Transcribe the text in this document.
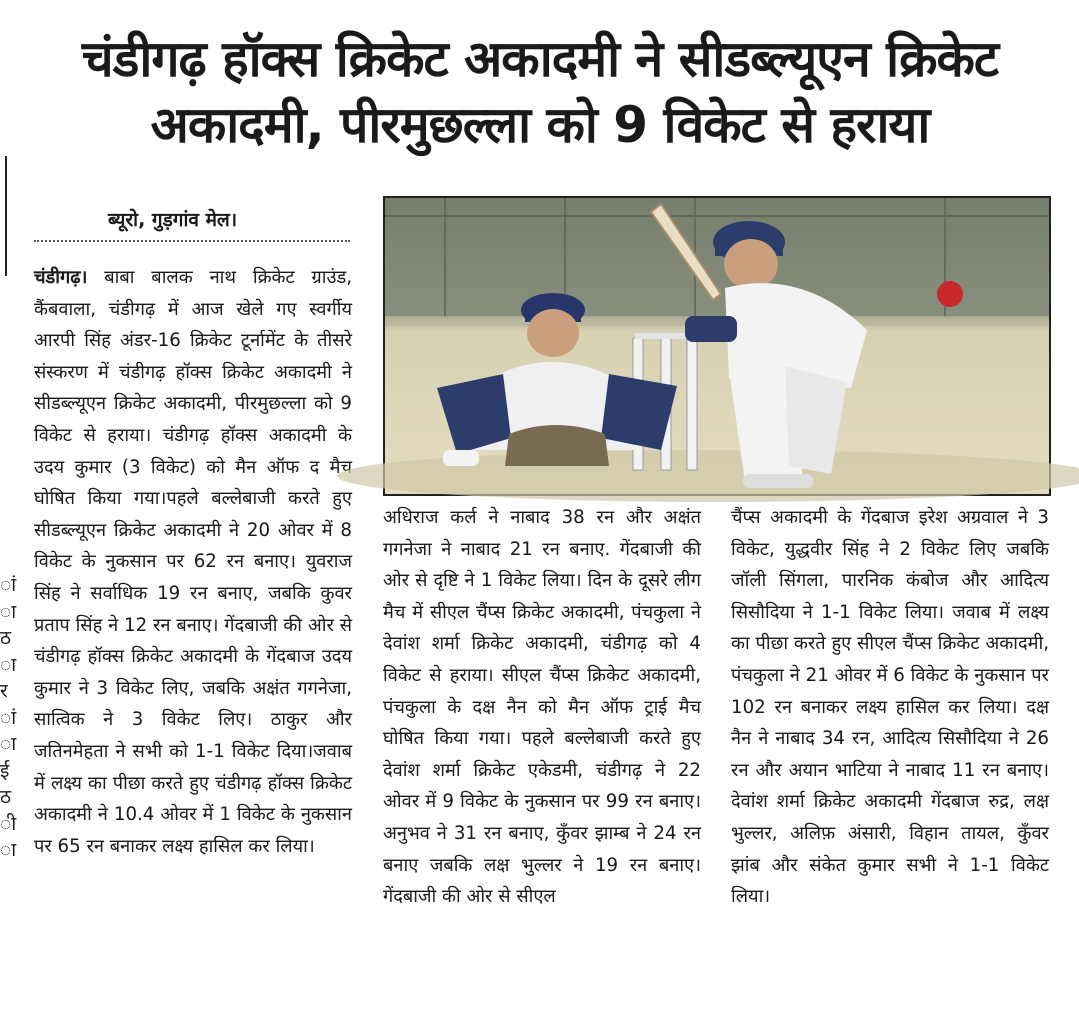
चंडीगढ़ हॉक्स क्रिकेट अकादमी ने सीडब्ल्यूएन क्रिकेट
अकादमी, पीरमुछल्ला को 9 विकेट से हराया
ां
ा
ठ
ा
र
ां
ा
ई
ठ
ी
ा
ब्यूरो, गुड़गांव मेल।
चंडीगढ़। बाबा बालक नाथ क्रिकेट ग्राउंड, कैंबवाला, चंडीगढ़ में आज खेले गए स्वर्गीय आरपी सिंह अंडर-16 क्रिकेट टूर्नामेंट के तीसरे संस्करण में चंडीगढ़ हॉक्स क्रिकेट अकादमी ने सीडब्ल्यूएन क्रिकेट अकादमी, पीरमुछल्ला को 9 विकेट से हराया। चंडीगढ़ हॉक्स अकादमी के उदय कुमार (3 विकेट) को मैन ऑफ द मैच घोषित किया गया।पहले बल्लेबाजी करते हुए सीडब्ल्यूएन क्रिकेट अकादमी ने 20 ओवर में 8 विकेट के नुकसान पर 62 रन बनाए। युवराज सिंह ने सर्वाधिक 19 रन बनाए, जबकि कुवर प्रताप सिंह ने 12 रन बनाए। गेंदबाजी की ओर से चंडीगढ़ हॉक्स क्रिकेट अकादमी के गेंदबाज उदय कुमार ने 3 विकेट लिए, जबकि अक्षंत गगनेजा, सात्विक ने 3 विकेट लिए। ठाकुर और जतिनमेहता ने सभी को 1-1 विकेट दिया।जवाब में लक्ष्य का पीछा करते हुए चंडीगढ़ हॉक्स क्रिकेट अकादमी ने 10.4 ओवर में 1 विकेट के नुकसान पर 65 रन बनाकर लक्ष्य हासिल कर लिया।
अधिराज कर्ल ने नाबाद 38 रन और अक्षंत गगनेजा ने नाबाद 21 रन बनाए. गेंदबाजी की ओर से दृष्टि ने 1 विकेट लिया। दिन के दूसरे लीग मैच में सीएल चैंप्स क्रिकेट अकादमी, पंचकुला ने देवांश शर्मा क्रिकेट अकादमी, चंडीगढ़ को 4 विकेट से हराया। सीएल चैंप्स क्रिकेट अकादमी, पंचकुला के दक्ष नैन को मैन ऑफ ट्राई मैच घोषित किया गया। पहले बल्लेबाजी करते हुए देवांश शर्मा क्रिकेट एकेडमी, चंडीगढ़ ने 22 ओवर में 9 विकेट के नुकसान पर 99 रन बनाए। अनुभव ने 31 रन बनाए, कुँवर झाम्ब ने 24 रन बनाए जबकि लक्ष भुल्लर ने 19 रन बनाए। गेंदबाजी की ओर से सीएल
चैंप्स अकादमी के गेंदबाज इरेश अग्रवाल ने 3 विकेट, युद्धवीर सिंह ने 2 विकेट लिए जबकि जॉली सिंगला, पारनिक कंबोज और आदित्य सिसौदिया ने 1-1 विकेट लिया। जवाब में लक्ष्य का पीछा करते हुए सीएल चैंप्स क्रिकेट अकादमी, पंचकुला ने 21 ओवर में 6 विकेट के नुकसान पर 102 रन बनाकर लक्ष्य हासिल कर लिया। दक्ष नैन ने नाबाद 34 रन, आदित्य सिसौदिया ने 26 रन और अयान भाटिया ने नाबाद 11 रन बनाए। देवांश शर्मा क्रिकेट अकादमी गेंदबाज रुद्र, लक्ष भुल्लर, अलिफ़ अंसारी, विहान तायल, कुँवर झांब और संकेत कुमार सभी ने 1-1 विकेट लिया।
